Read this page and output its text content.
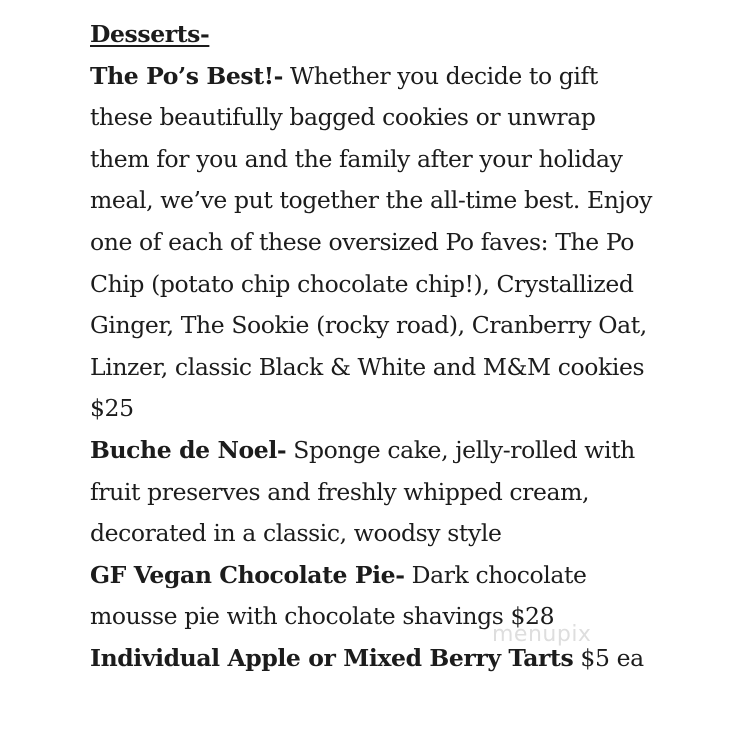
Desserts-
The Po’s Best!- Whether you decide to gift
these beautifully bagged cookies or unwrap
them for you and the family after your holiday
meal, we’ve put together the all-time best. Enjoy
one of each of these oversized Po faves: The Po
Chip (potato chip chocolate chip!), Crystallized
Ginger, The Sookie (rocky road), Cranberry Oat,
Linzer, classic Black & White and M&M cookies
$25
Buche de Noel- Sponge cake, jelly-rolled with
fruit preserves and freshly whipped cream,
decorated in a classic, woodsy style
GF Vegan Chocolate Pie- Dark chocolate
mousse pie with chocolate shavings $28
Individual Apple or Mixed Berry Tarts $5 ea
menupix
